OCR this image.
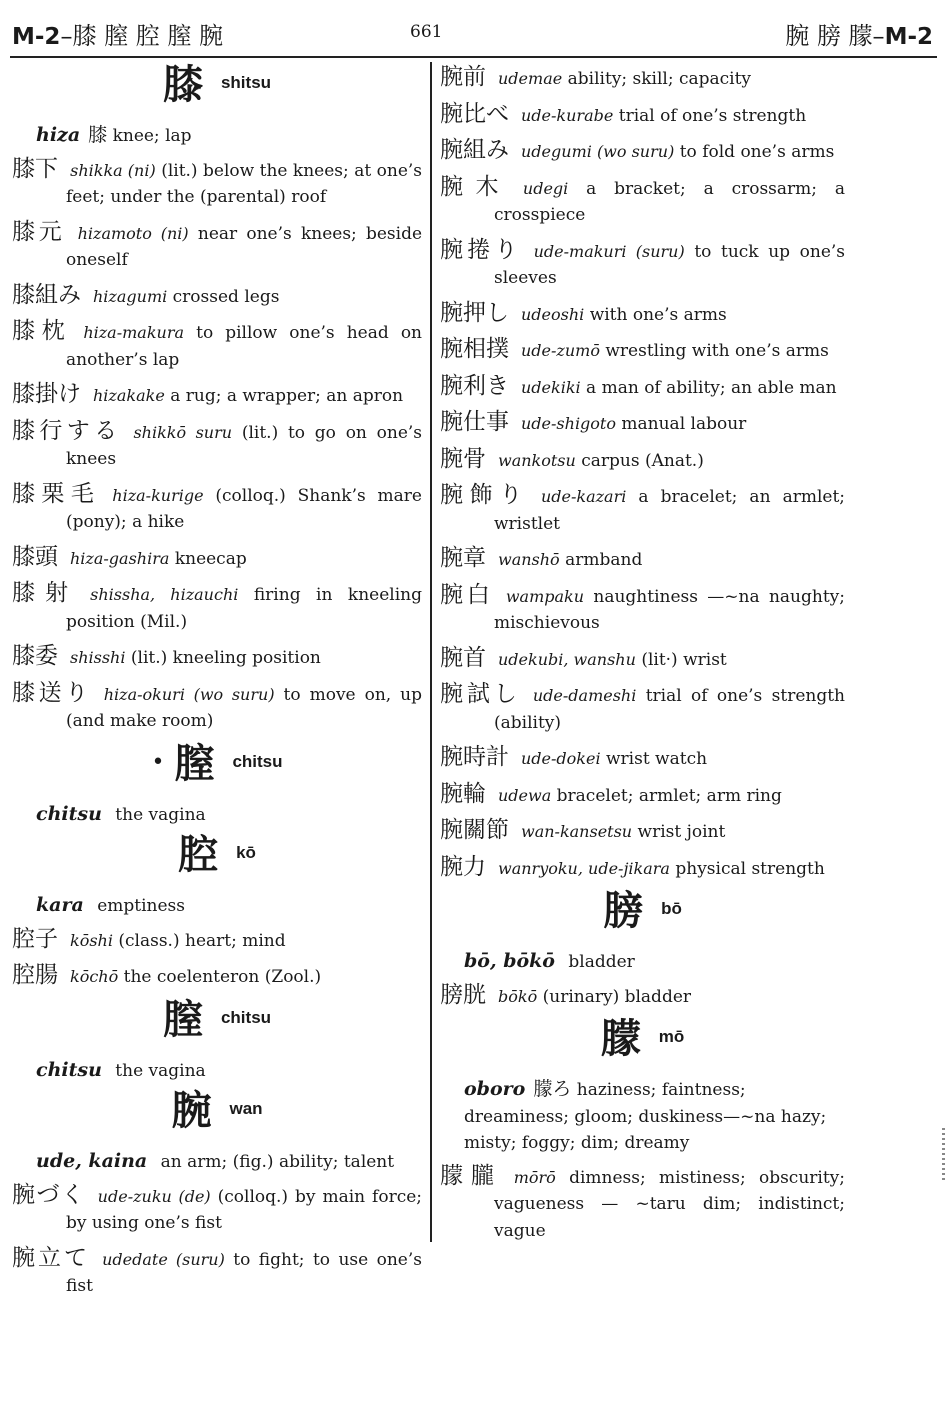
M-2–膝 膣 腔 膣 腕	661	腕 膀 朦–M-2
膝 shitsu

hiza 膝 knee; lap

膝下 shikka (ni) (lit.) below the knees; at one’s feet; under the (parental) roof

膝元 hizamoto (ni) near one’s knees; beside oneself

膝組み hizagumi crossed legs

膝枕 hiza-makura to pillow one’s head on another’s lap

膝掛け hizakake a rug; a wrapper; an apron

膝行する shikkō suru (lit.) to go on one’s knees

膝栗毛 hiza-kurige (colloq.) Shank’s mare (pony); a hike

膝頭 hiza-gashira kneecap

膝射 shissha, hizauchi firing in kneeling position (Mil.)

膝委 shisshi (lit.) kneeling position

膝送り hiza-okuri (wo suru) to move on, up (and make room)

• 膣 chitsu

chitsu the vagina

腔 kō

kara emptiness

腔子 kōshi (class.) heart; mind

腔腸 kōchō the coelenteron (Zool.)

膣 chitsu

chitsu the vagina

腕 wan

ude, kaina an arm; (fig.) ability; talent

腕づく ude-zuku (de) (colloq.) by main force; by using one’s fist

腕立て udedate (suru) to fight; to use one’s fist

腕前 udemae ability; skill; capacity

腕比べ ude-kurabe trial of one’s strength

腕組み udegumi (wo suru) to fold one’s arms

腕木 udegi a bracket; a crossarm; a crosspiece

腕捲り ude-makuri (suru) to tuck up one’s sleeves

腕押し udeoshi with one’s arms

腕相撲 ude-zumō wrestling with one’s arms

腕利き udekiki a man of ability; an able man

腕仕事 ude-shigoto manual labour

腕骨 wankotsu carpus (Anat.)

腕飾り ude-kazari a bracelet; an armlet; wristlet

腕章 wanshō armband

腕白 wampaku naughtiness —~na naughty; mischievous

腕首 udekubi, wanshu (lit·) wrist

腕試し ude-dameshi trial of one’s strength (ability)

腕時計 ude-dokei wrist watch

腕輪 udewa bracelet; armlet; arm ring

腕關節 wan-kansetsu wrist joint

腕力 wanryoku, ude-jikara physical strength

膀 bō

bō, bōkō bladder

膀胱 bōkō (urinary) bladder

朦 mō

oboro 朦ろ haziness; faintness; dreaminess; gloom; duskiness—~na hazy; misty; foggy; dim; dreamy

朦朧 mōrō dimness; mistiness; obscurity; vagueness — ~taru dim; indistinct; vague
